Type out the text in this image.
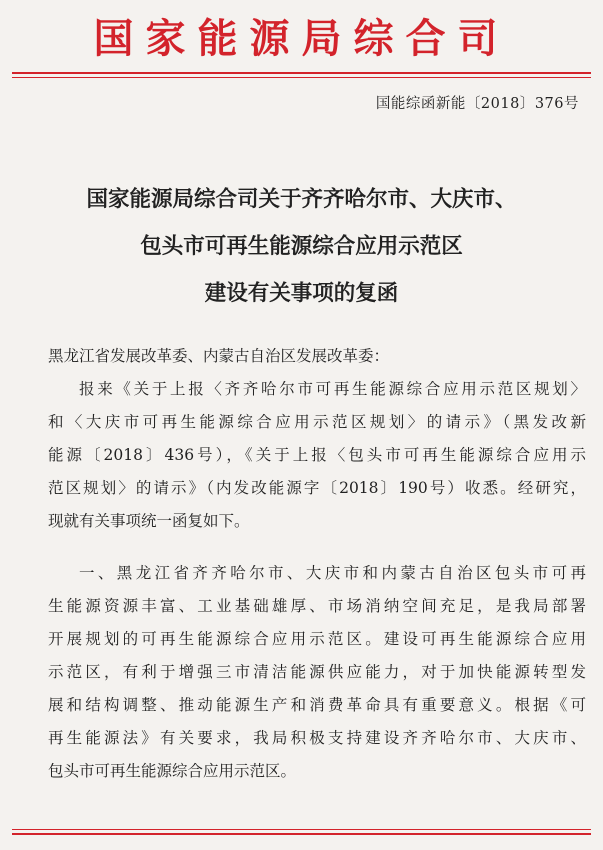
国家能源局综合司
国能综函新能〔2018〕376号
国家能源局综合司关于齐齐哈尔市、大庆市、
包头市可再生能源综合应用示范区
建设有关事项的复函
黑龙江省发展改革委、内蒙古自治区发展改革委：
报来《关于上报〈齐齐哈尔市可再生能源综合应用示范区规划〉
和〈大庆市可再生能源综合应用示范区规划〉的请示》（黑发改新
能源〔2018〕436号），《关于上报〈包头市可再生能源综合应用示
范区规划〉的请示》（内发改能源字〔2018〕190号）收悉。经研究，
现就有关事项统一函复如下。
一、黑龙江省齐齐哈尔市、大庆市和内蒙古自治区包头市可再
生能源资源丰富、工业基础雄厚、市场消纳空间充足，是我局部署
开展规划的可再生能源综合应用示范区。建设可再生能源综合应用
示范区，有利于增强三市清洁能源供应能力，对于加快能源转型发
展和结构调整、推动能源生产和消费革命具有重要意义。根据《可
再生能源法》有关要求，我局积极支持建设齐齐哈尔市、大庆市、
包头市可再生能源综合应用示范区。
